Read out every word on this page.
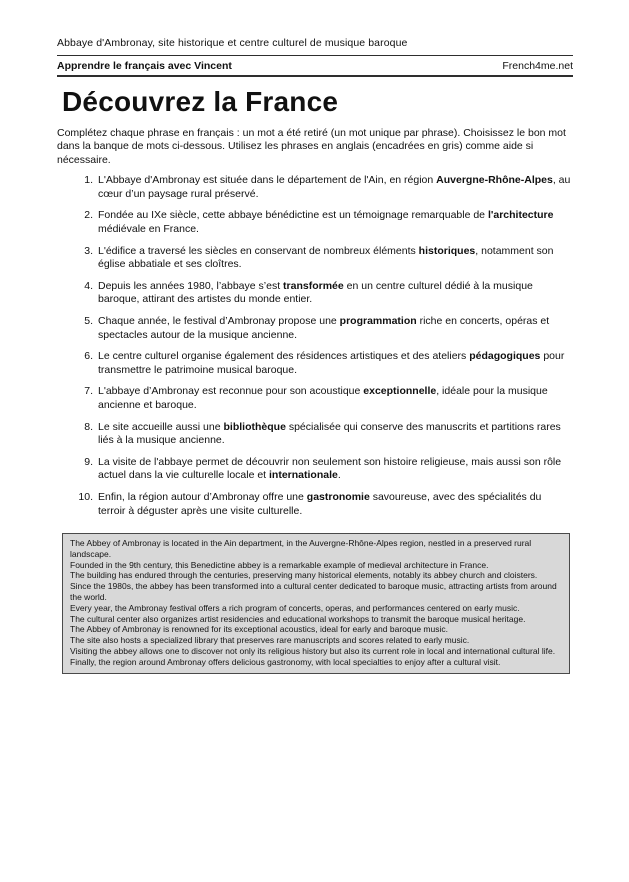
Abbaye d'Ambronay, site historique et centre culturel de musique baroque
Apprendre le français avec Vincent	French4me.net
Découvrez la France

Complétez chaque phrase en français : un mot a été retiré (un mot unique par phrase). Choisissez le bon mot dans la banque de mots ci-dessous. Utilisez les phrases en anglais (encadrées en gris) comme aide si nécessaire.

1. L'Abbaye d'Ambronay est située dans le département de l'Ain, en région Auvergne-Rhône-Alpes, au cœur d’un paysage rural préservé.
2. Fondée au IXe siècle, cette abbaye bénédictine est un témoignage remarquable de l'architecture médiévale en France.
3. L'édifice a traversé les siècles en conservant de nombreux éléments historiques, notamment son église abbatiale et ses cloîtres.
4. Depuis les années 1980, l’abbaye s’est transformée en un centre culturel dédié à la musique baroque, attirant des artistes du monde entier.
5. Chaque année, le festival d’Ambronay propose une programmation riche en concerts, opéras et spectacles autour de la musique ancienne.
6. Le centre culturel organise également des résidences artistiques et des ateliers pédagogiques pour transmettre le patrimoine musical baroque.
7. L'abbaye d’Ambronay est reconnue pour son acoustique exceptionnelle, idéale pour la musique ancienne et baroque.
8. Le site accueille aussi une bibliothèque spécialisée qui conserve des manuscrits et partitions rares liés à la musique ancienne.
9. La visite de l'abbaye permet de découvrir non seulement son histoire religieuse, mais aussi son rôle actuel dans la vie culturelle locale et internationale.
10. Enfin, la région autour d’Ambronay offre une gastronomie savoureuse, avec des spécialités du terroir à déguster après une visite culturelle.
The Abbey of Ambronay is located in the Ain department, in the Auvergne-Rhône-Alpes region, nestled in a preserved rural landscape.
Founded in the 9th century, this Benedictine abbey is a remarkable example of medieval architecture in France.
The building has endured through the centuries, preserving many historical elements, notably its abbey church and cloisters.
Since the 1980s, the abbey has been transformed into a cultural center dedicated to baroque music, attracting artists from around the world.
Every year, the Ambronay festival offers a rich program of concerts, operas, and performances centered on early music.
The cultural center also organizes artist residencies and educational workshops to transmit the baroque musical heritage.
The Abbey of Ambronay is renowned for its exceptional acoustics, ideal for early and baroque music.
The site also hosts a specialized library that preserves rare manuscripts and scores related to early music.
Visiting the abbey allows one to discover not only its religious history but also its current role in local and international cultural life.
Finally, the region around Ambronay offers delicious gastronomy, with local specialties to enjoy after a cultural visit.
